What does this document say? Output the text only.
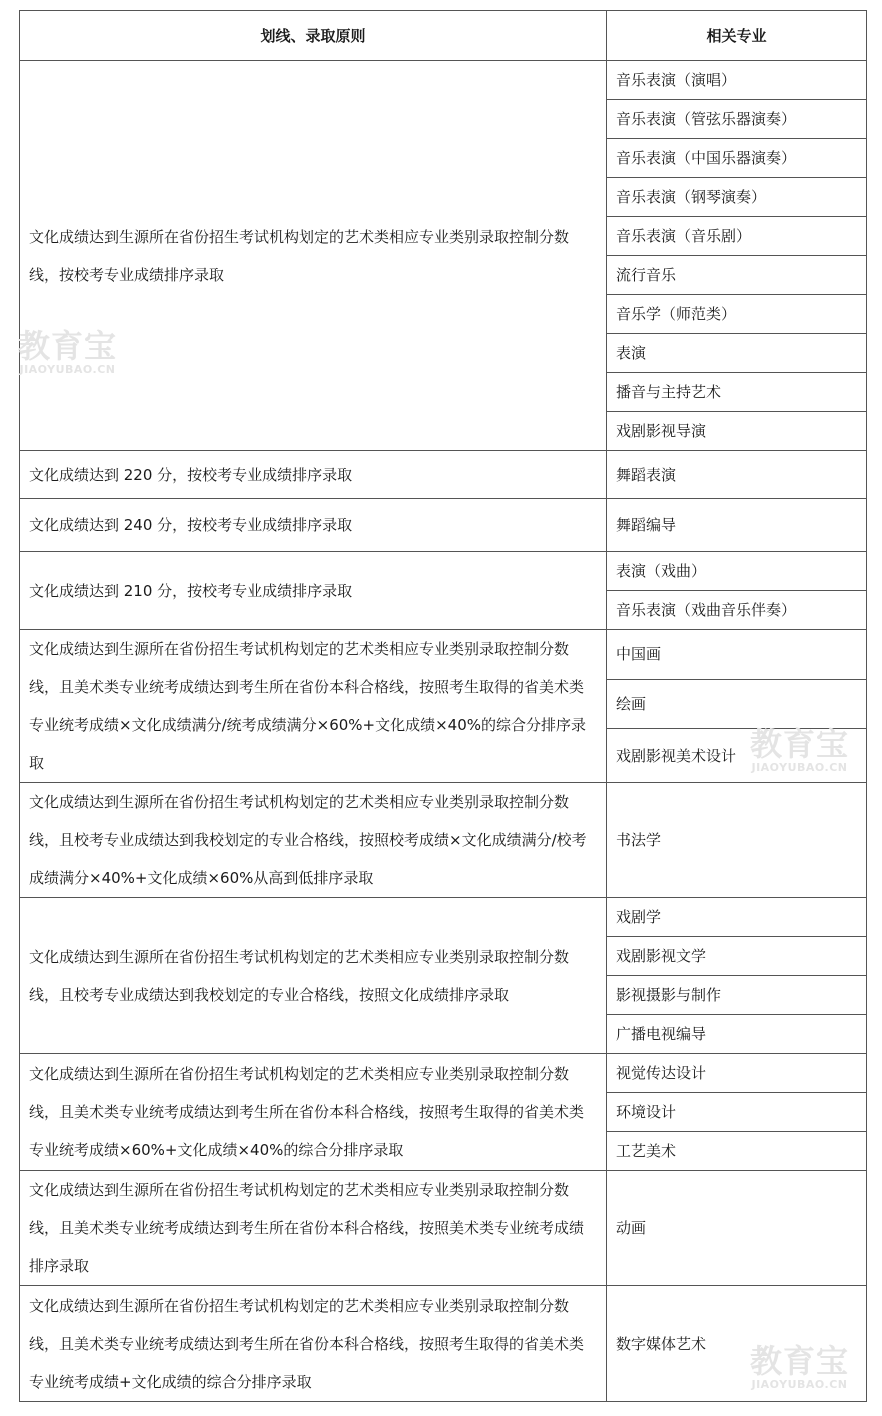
划线、录取原则	相关专业
文化成绩达到生源所在省份招生考试机构划定的艺术类相应专业类别录取控制分数线，按校考专业成绩排序录取	音乐表演（演唱）
	音乐表演（管弦乐器演奏）
	音乐表演（中国乐器演奏）
	音乐表演（钢琴演奏）
	音乐表演（音乐剧）
	流行音乐
	音乐学（师范类）
	表演
	播音与主持艺术
	戏剧影视导演
文化成绩达到 220 分，按校考专业成绩排序录取	舞蹈表演
文化成绩达到 240 分，按校考专业成绩排序录取	舞蹈编导
文化成绩达到 210 分，按校考专业成绩排序录取	表演（戏曲）
	音乐表演（戏曲音乐伴奏）
文化成绩达到生源所在省份招生考试机构划定的艺术类相应专业类别录取控制分数线，且美术类专业统考成绩达到考生所在省份本科合格线，按照考生取得的省美术类专业统考成绩×文化成绩满分/统考成绩满分×60%+文化成绩×40%的综合分排序录取	中国画
	绘画
	戏剧影视美术设计
文化成绩达到生源所在省份招生考试机构划定的艺术类相应专业类别录取控制分数线，且校考专业成绩达到我校划定的专业合格线，按照校考成绩×文化成绩满分/校考成绩满分×40%+文化成绩×60%从高到低排序录取	书法学
文化成绩达到生源所在省份招生考试机构划定的艺术类相应专业类别录取控制分数线，且校考专业成绩达到我校划定的专业合格线，按照文化成绩排序录取	戏剧学
	戏剧影视文学
	影视摄影与制作
	广播电视编导
文化成绩达到生源所在省份招生考试机构划定的艺术类相应专业类别录取控制分数线，且美术类专业统考成绩达到考生所在省份本科合格线，按照考生取得的省美术类专业统考成绩×60%+文化成绩×40%的综合分排序录取	视觉传达设计
	环境设计
	工艺美术
文化成绩达到生源所在省份招生考试机构划定的艺术类相应专业类别录取控制分数线，且美术类专业统考成绩达到考生所在省份本科合格线，按照美术类专业统考成绩排序录取	动画
文化成绩达到生源所在省份招生考试机构划定的艺术类相应专业类别录取控制分数线，且美术类专业统考成绩达到考生所在省份本科合格线，按照考生取得的省美术类专业统考成绩+文化成绩的综合分排序录取	数字媒体艺术
教育宝
JIAOYUBAO.CN
教育宝
JIAOYUBAO.CN
教育宝
JIAOYUBAO.CN
